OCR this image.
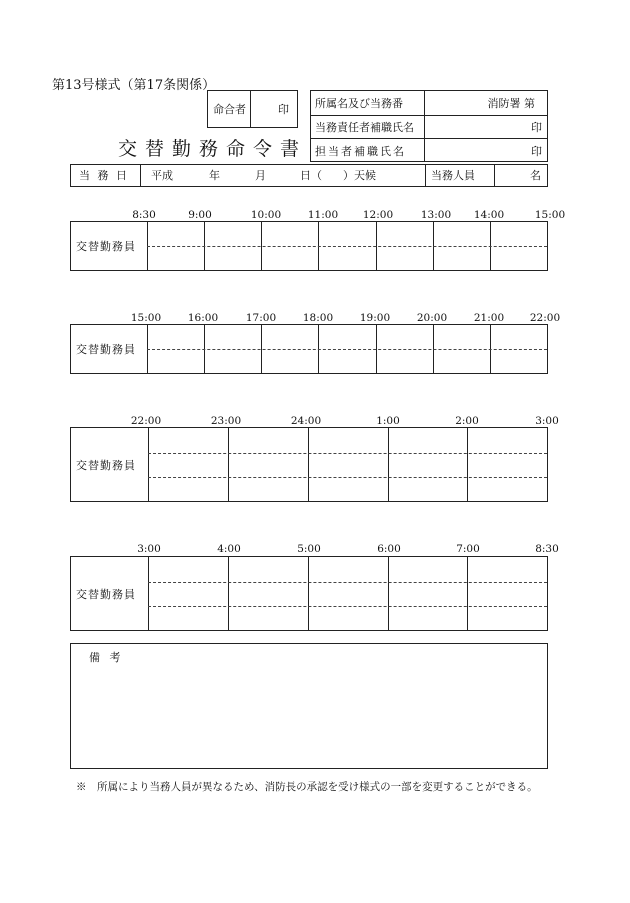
第13号様式（第17条関係）
命合者	印
交替勤務命令書
所属名及び当務番	消防署 第
当務責任者補職氏名	印
担当者補職氏名	印
当 務 日 平成	年	月	日（ ） 天候	当務人員	名
8:30	9:00	10:00	11:00 12:00	13:00 14:00	15:00
交替勤務員
15:00	16:00	17:00	18:00	19:00	20:00	21:00 22:00
交替勤務員
22:00	23:00	24:00	1:00	2:00	3:00
交替勤務員
3:00	4:00	5:00	6:00	7:00	8:30
交替勤務員
備 考
※　所属により当務人員が異なるため、消防長の承認を受け様式の一部を変更することができる。
